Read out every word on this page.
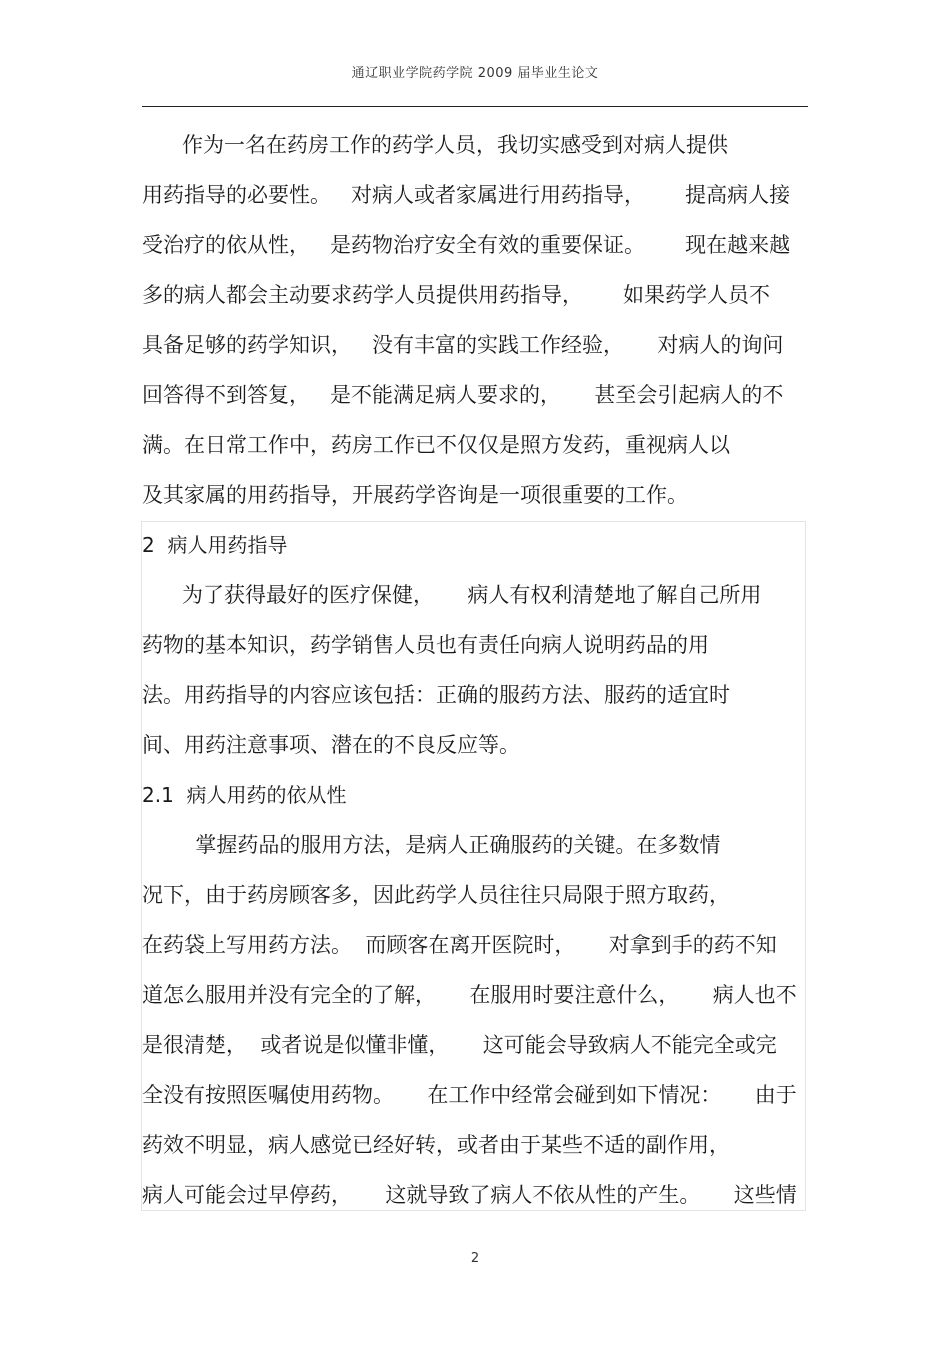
通辽职业学院药学院 2009 届毕业生论文
作为一名在药房工作的药学人员，我切实感受到对病人提供
用药指导的必要性。   对病人或者家属进行用药指导，      提高病人接
受治疗的依从性，   是药物治疗安全有效的重要保证。      现在越来越
多的病人都会主动要求药学人员提供用药指导，      如果药学人员不
具备足够的药学知识，   没有丰富的实践工作经验，     对病人的询问
回答得不到答复，   是不能满足病人要求的，     甚至会引起病人的不
满。在日常工作中，药房工作已不仅仅是照方发药，重视病人以
及其家属的用药指导，开展药学咨询是一项很重要的工作。
2  病人用药指导
为了获得最好的医疗保健，     病人有权利清楚地了解自己所用
药物的基本知识，药学销售人员也有责任向病人说明药品的用
法。用药指导的内容应该包括：正确的服药方法、服药的适宜时
间、用药注意事项、潜在的不良反应等。
2.1  病人用药的依从性
掌握药品的服用方法，是病人正确服药的关键。在多数情
况下，由于药房顾客多，因此药学人员往往只局限于照方取药，
在药袋上写用药方法。  而顾客在离开医院时，     对拿到手的药不知
道怎么服用并没有完全的了解，     在服用时要注意什么，     病人也不
是很清楚，  或者说是似懂非懂，     这可能会导致病人不能完全或完
全没有按照医嘱使用药物。     在工作中经常会碰到如下情况：     由于
药效不明显，病人感觉已经好转，或者由于某些不适的副作用，
病人可能会过早停药，     这就导致了病人不依从性的产生。     这些情
2
